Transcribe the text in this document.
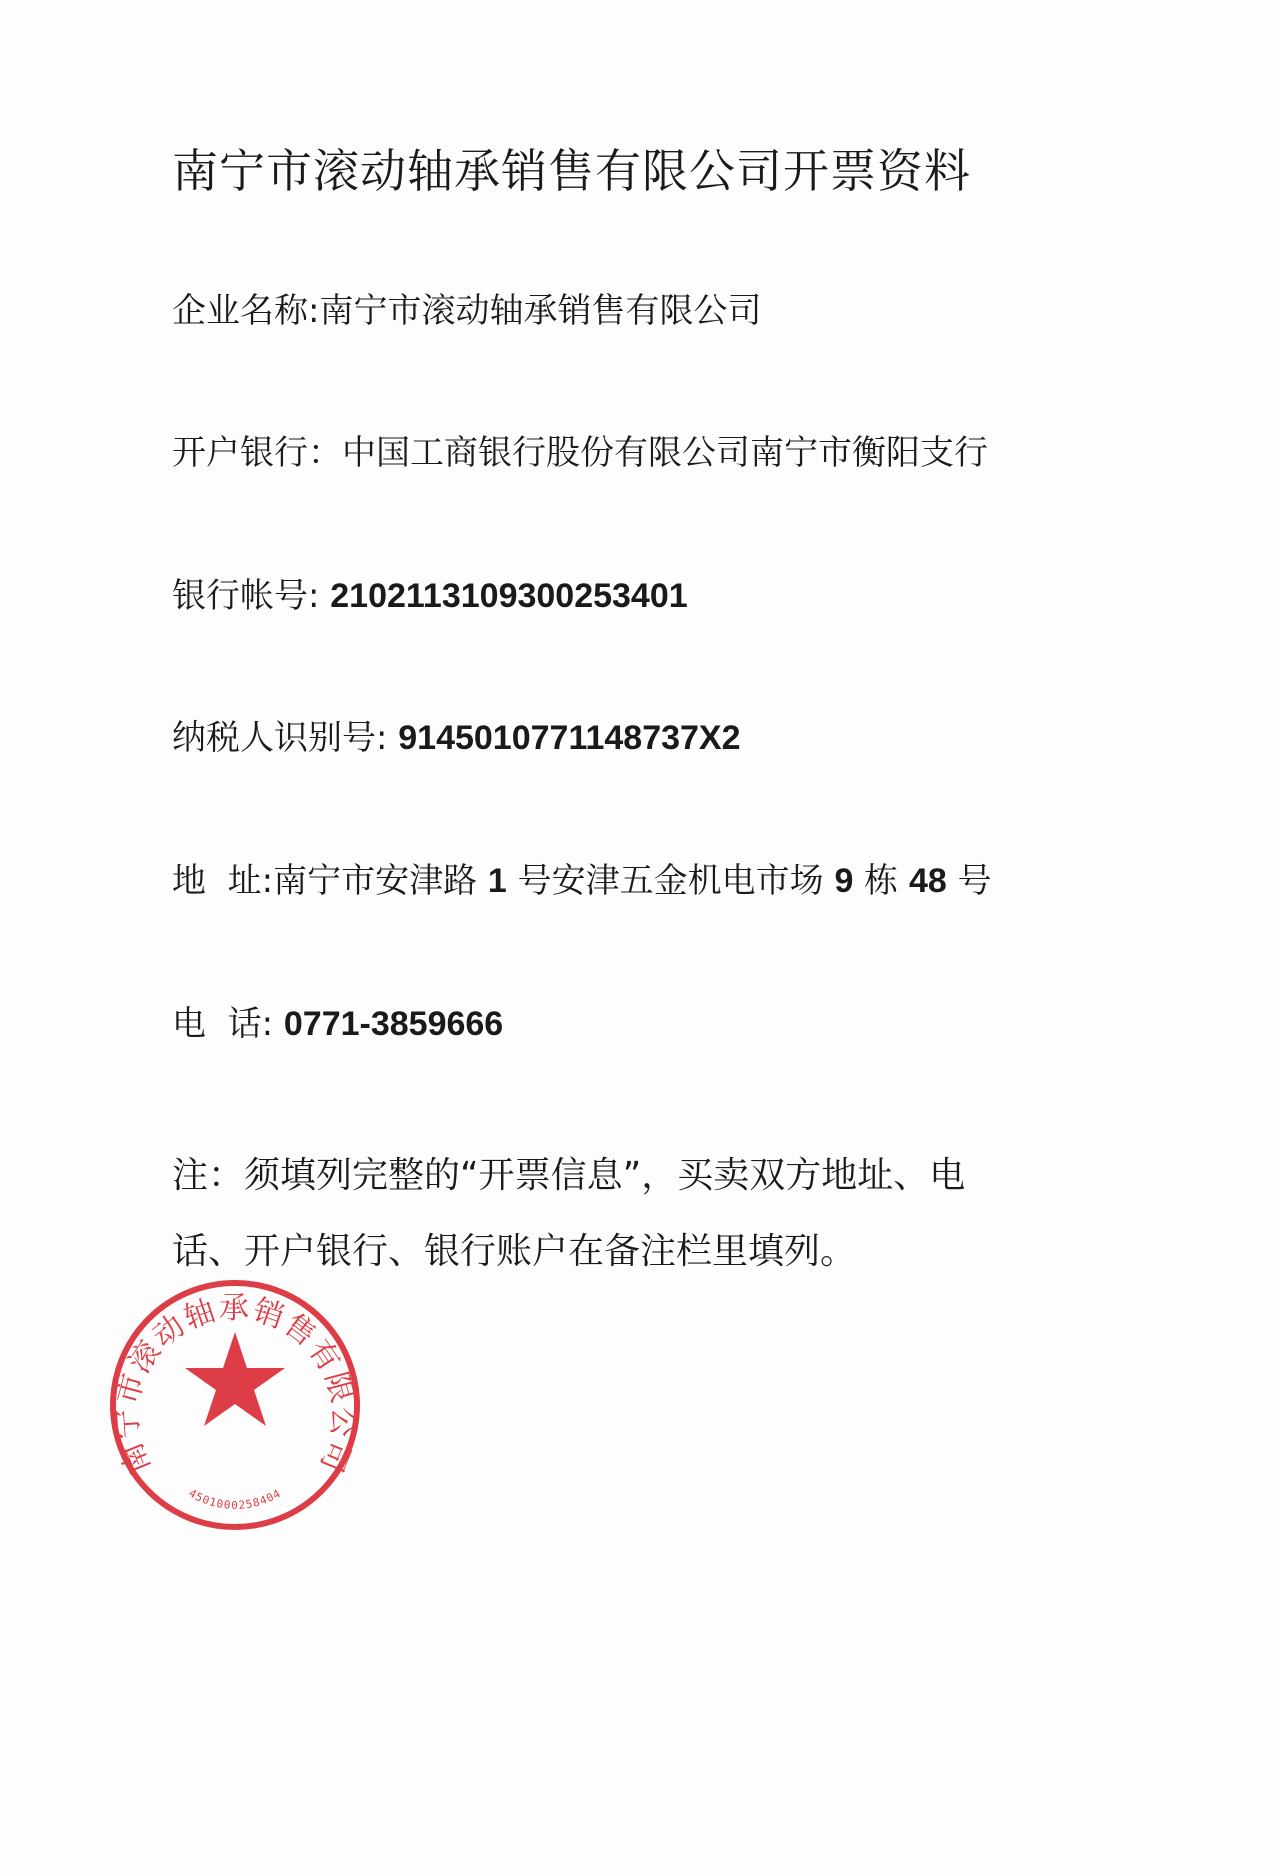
南宁市滚动轴承销售有限公司开票资料
企业名称:南宁市滚动轴承销售有限公司
开户银行：中国工商银行股份有限公司南宁市衡阳支行
银行帐号: 2102113109300253401
纳税人识别号: 9145010771148737X2
地  址:南宁市安津路 1 号安津五金机电市场 9 栋 48 号
电  话: 0771-3859666
注：须填列完整的“开票信息”，买卖双方地址、电
话、开户银行、银行账户在备注栏里填列。
南宁市滚动轴承销售有限公司
4501000258404
